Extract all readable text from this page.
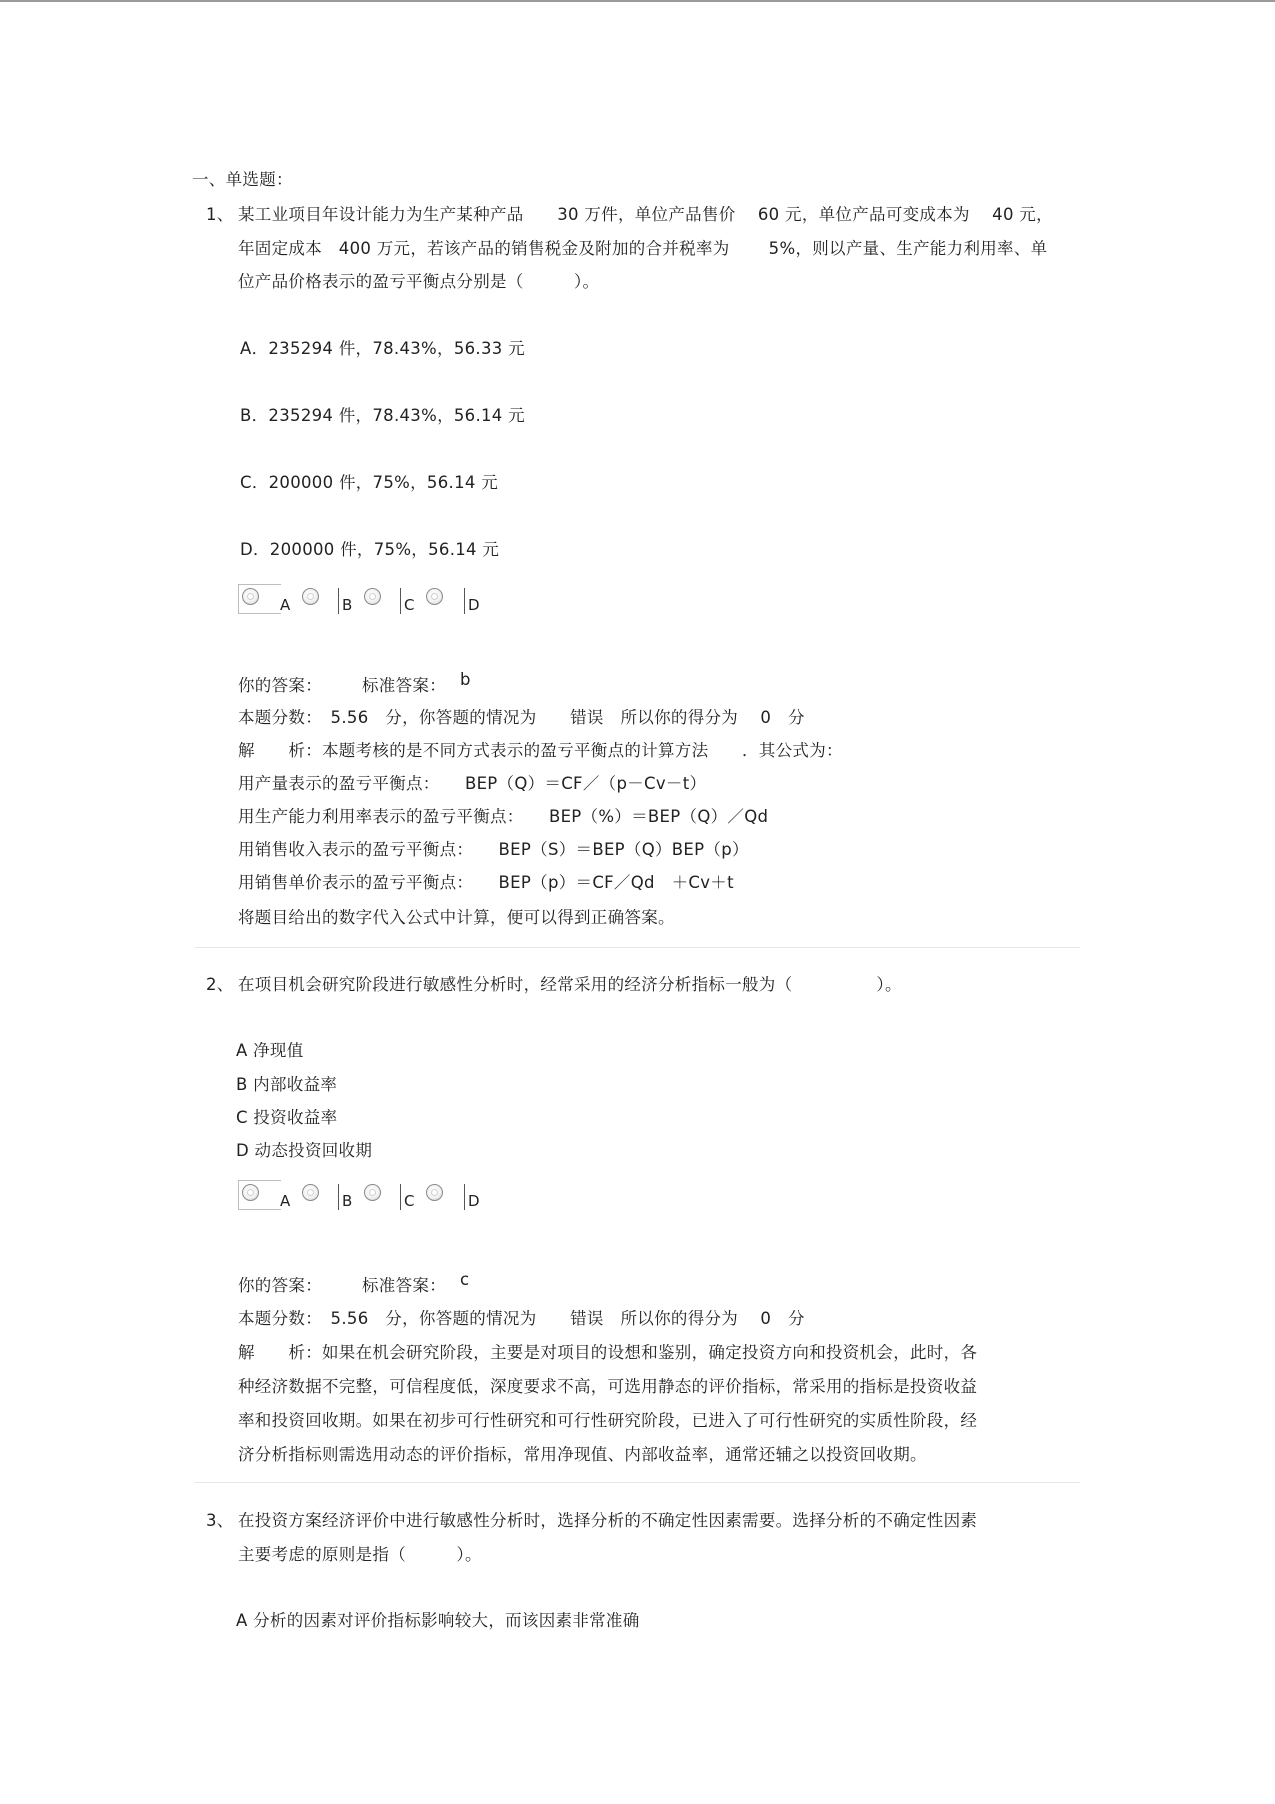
一、单选题：
1、 某工业项目年设计能力为生产某种产品　　30 万件，单位产品售价　 60 元，单位产品可变成本为　 40 元，
年固定成本　400 万元，若该产品的销售税金及附加的合并税率为　　 5%，则以产量、生产能力利用率、单
位产品价格表示的盈亏平衡点分别是（　　　）。
A．235294 件，78.43%，56.33 元
B．235294 件，78.43%，56.14 元
C．200000 件，75%，56.14 元
D．200000 件，75%，56.14 元
A	B	C	D
你的答案： 标准答案： b
本题分数：　5.56　分，你答题的情况为　　错误　所以你的得分为　 0　分
解　　析：本题考核的是不同方式表示的盈亏平衡点的计算方法　　．其公式为：
用产量表示的盈亏平衡点：　　BEP（Q）＝CF／（p－Cv－t）
用生产能力利用率表示的盈亏平衡点：　　BEP（%）＝BEP（Q）／Qd
用销售收入表示的盈亏平衡点：　　BEP（S）＝BEP（Q）BEP（p）
用销售单价表示的盈亏平衡点：　　BEP（p）＝CF／Qd　＋Cv＋t
将题目给出的数字代入公式中计算，便可以得到正确答案。
2、 在项目机会研究阶段进行敏感性分析时，经常采用的经济分析指标一般为（　　　　　）。
A 净现值
B 内部收益率
C 投资收益率
D 动态投资回收期
A	B	C	D
你的答案： 标准答案： c
本题分数：　5.56　分，你答题的情况为　　错误　所以你的得分为　 0　分
解　　析：如果在机会研究阶段，主要是对项目的设想和鉴别，确定投资方向和投资机会，此时，各
种经济数据不完整，可信程度低，深度要求不高，可选用静态的评价指标，常采用的指标是投资收益
率和投资回收期。如果在初步可行性研究和可行性研究阶段，已进入了可行性研究的实质性阶段，经
济分析指标则需选用动态的评价指标，常用净现值、内部收益率，通常还辅之以投资回收期。
3、 在投资方案经济评价中进行敏感性分析时，选择分析的不确定性因素需要。选择分析的不确定性因素
主要考虑的原则是指（　　　）。
A 分析的因素对评价指标影响较大，而该因素非常准确
